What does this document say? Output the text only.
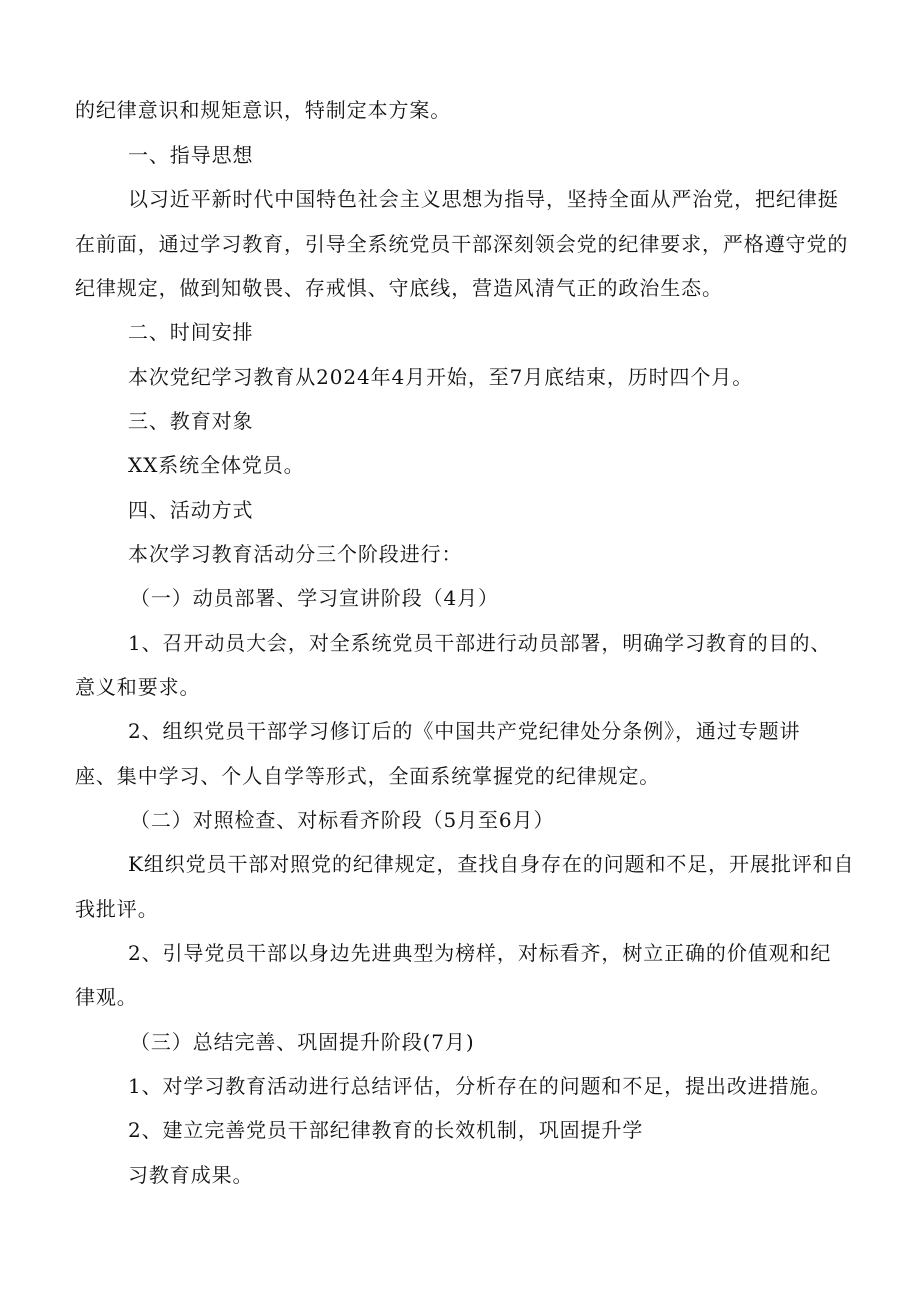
的纪律意识和规矩意识，特制定本方案。
一、指导思想
以习近平新时代中国特色社会主义思想为指导，坚持全面从严治党，把纪律挺
在前面，通过学习教育，引导全系统党员干部深刻领会党的纪律要求，严格遵守党的
纪律规定，做到知敬畏、存戒惧、守底线，营造风清气正的政治生态。
二、时间安排
本次党纪学习教育从2024年4月开始，至7月底结束，历时四个月。
三、教育对象
XX系统全体党员。
四、活动方式
本次学习教育活动分三个阶段进行：
（一）动员部署、学习宣讲阶段（4月）
1、召开动员大会，对全系统党员干部进行动员部署，明确学习教育的目的、
意义和要求。
2、组织党员干部学习修订后的《中国共产党纪律处分条例》，通过专题讲
座、集中学习、个人自学等形式，全面系统掌握党的纪律规定。
（二）对照检查、对标看齐阶段（5月至6月）
K组织党员干部对照党的纪律规定，查找自身存在的问题和不足，开展批评和自
我批评。
2、引导党员干部以身边先进典型为榜样，对标看齐，树立正确的价值观和纪
律观。
（三）总结完善、巩固提升阶段(7月)
1、对学习教育活动进行总结评估，分析存在的问题和不足，提出改进措施。
2、建立完善党员干部纪律教育的长效机制，巩固提升学
习教育成果。
